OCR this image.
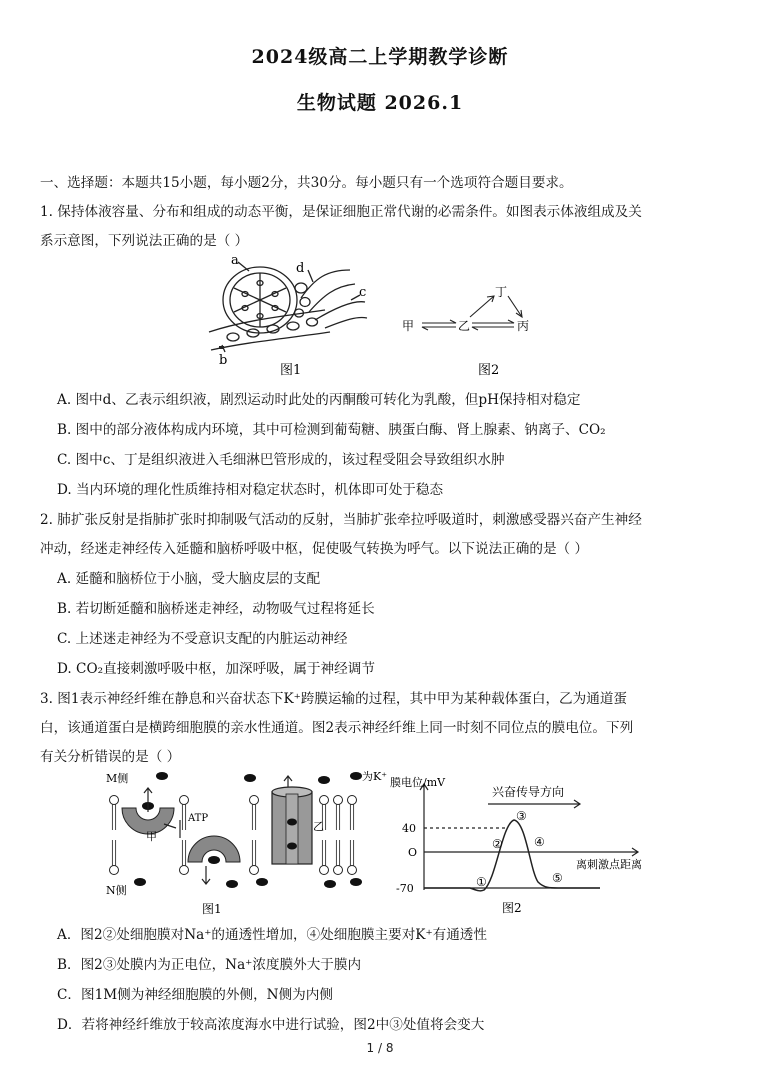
2024级高二上学期教学诊断
生物试题 2026.1
一、选择题：本题共15小题，每小题2分，共30分。每小题只有一个选项符合题目要求。
1. 保持体液容量、分布和组成的动态平衡，是保证细胞正常代谢的必需条件。如图表示体液组成及关
系示意图，下列说法正确的是（ ）
a
d
c
b
图1
甲	乙	丙
丁
图2
A. 图中d、乙表示组织液，剧烈运动时此处的丙酮酸可转化为乳酸，但pH保持相对稳定
B. 图中的部分液体构成内环境，其中可检测到葡萄糖、胰蛋白酶、肾上腺素、钠离子、CO₂
C. 图中c、丁是组织液进入毛细淋巴管形成的，该过程受阻会导致组织水肿
D. 当内环境的理化性质维持相对稳定状态时，机体即可处于稳态
2. 肺扩张反射是指肺扩张时抑制吸气活动的反射，当肺扩张牵拉呼吸道时，刺激感受器兴奋产生神经
冲动，经迷走神经传入延髓和脑桥呼吸中枢，促使吸气转换为呼气。以下说法正确的是（ ）
A. 延髓和脑桥位于小脑，受大脑皮层的支配
B. 若切断延髓和脑桥迷走神经，动物吸气过程将延长
C. 上述迷走神经为不受意识支配的内脏运动神经
D. CO₂直接刺激呼吸中枢，加深呼吸，属于神经调节
3. 图1表示神经纤维在静息和兴奋状态下K⁺跨膜运输的过程，其中甲为某种载体蛋白，乙为通道蛋
白，该通道蛋白是横跨细胞膜的亲水性通道。图2表示神经纤维上同一时刻不同位点的膜电位。下列
有关分析错误的是（ ）
M侧
N侧
为K⁺
ATP
甲
乙
图1
膜电位/mV
兴奋传导方向
40
O
-70
离刺激点距离
①
②
③
④
⑤
图2
A．图2②处细胞膜对Na⁺的通透性增加，④处细胞膜主要对K⁺有通透性
B．图2③处膜内为正电位，Na⁺浓度膜外大于膜内
C．图1M侧为神经细胞膜的外侧，N侧为内侧
D．若将神经纤维放于较高浓度海水中进行试验，图2中③处值将会变大
1 / 8
